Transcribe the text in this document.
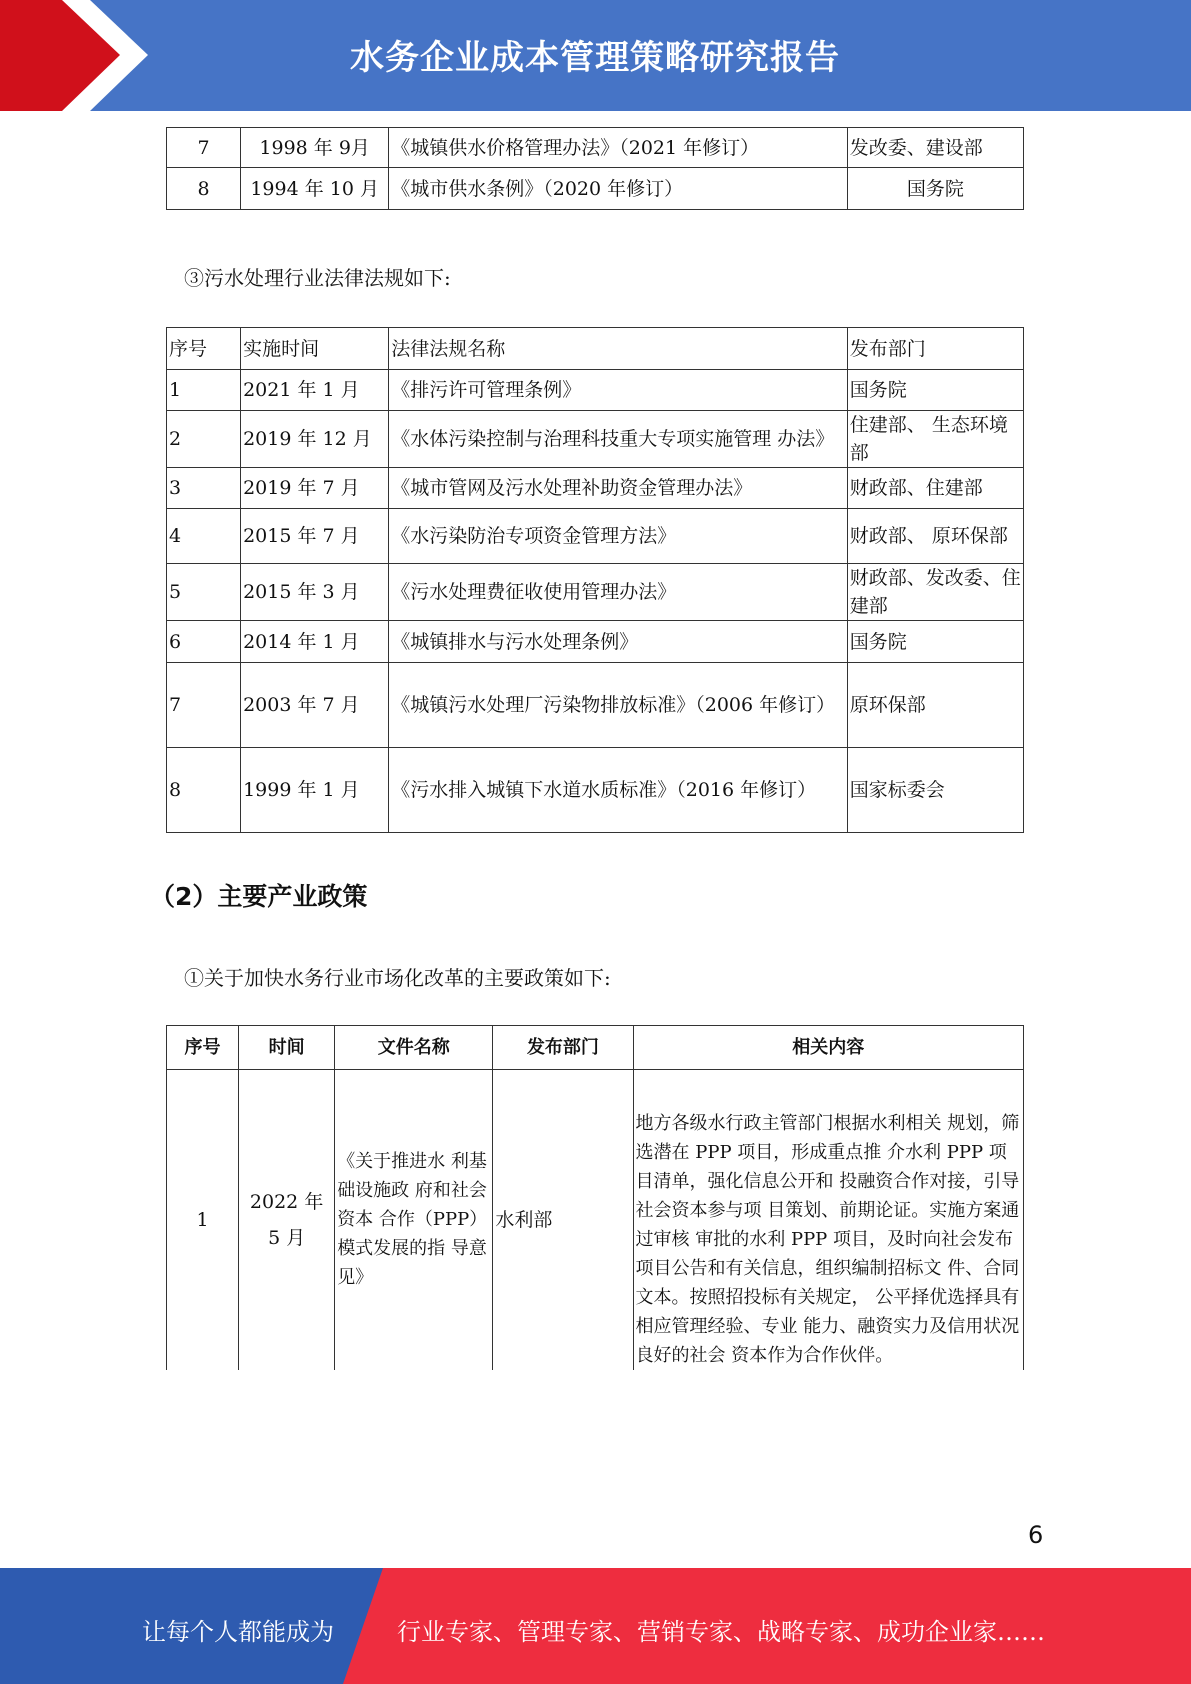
水务企业成本管理策略研究报告
7	1998 年 9月	《城镇供水价格管理办法》（2021 年修订）	发改委、建设部
8	1994 年 10 月	《城市供水条例》（2020 年修订）	国务院
③污水处理行业法律法规如下:
序号	实施时间	法律法规名称	发布部门
1	2021 年 1 月	《排污许可管理条例》	国务院
2	2019 年 12 月	《水体污染控制与治理科技重大专项实施管理 办法》	住建部、 生态环境部
3	2019 年 7 月	《城市管网及污水处理补助资金管理办法》	财政部、住建部
4	2015 年 7 月	《水污染防治专项资金管理方法》	财政部、 原环保部
5	2015 年 3 月	《污水处理费征收使用管理办法》	财政部、发改委、住建部
6	2014 年 1 月	《城镇排水与污水处理条例》	国务院
7	2003 年 7 月	《城镇污水处理厂污染物排放标准》（2006 年修订）	原环保部
8	1999 年 1 月	《污水排入城镇下水道水质标准》（2016 年修订）	国家标委会
（2）主要产业政策
①关于加快水务行业市场化改革的主要政策如下:
序号	时间	文件名称	发布部门	相关内容
1	2022 年 5 月	《关于推进水 利基础设施政 府和社会资本 合作（PPP） 模式发展的指 导意见》	水利部	地方各级水行政主管部门根据水利相关 规划，筛选潜在 PPP 项目，形成重点推 介水利 PPP 项目清单，强化信息公开和 投融资合作对接，引导社会资本参与项 目策划、前期论证。实施方案通过审核 审批的水利 PPP 项目，及时向社会发布 项目公告和有关信息，组织编制招标文 件、合同文本。按照招投标有关规定， 公平择优选择具有相应管理经验、专业 能力、融资实力及信用状况良好的社会 资本作为合作伙伴。
6
让每个人都能成为	行业专家、管理专家、营销专家、战略专家、成功企业家……
